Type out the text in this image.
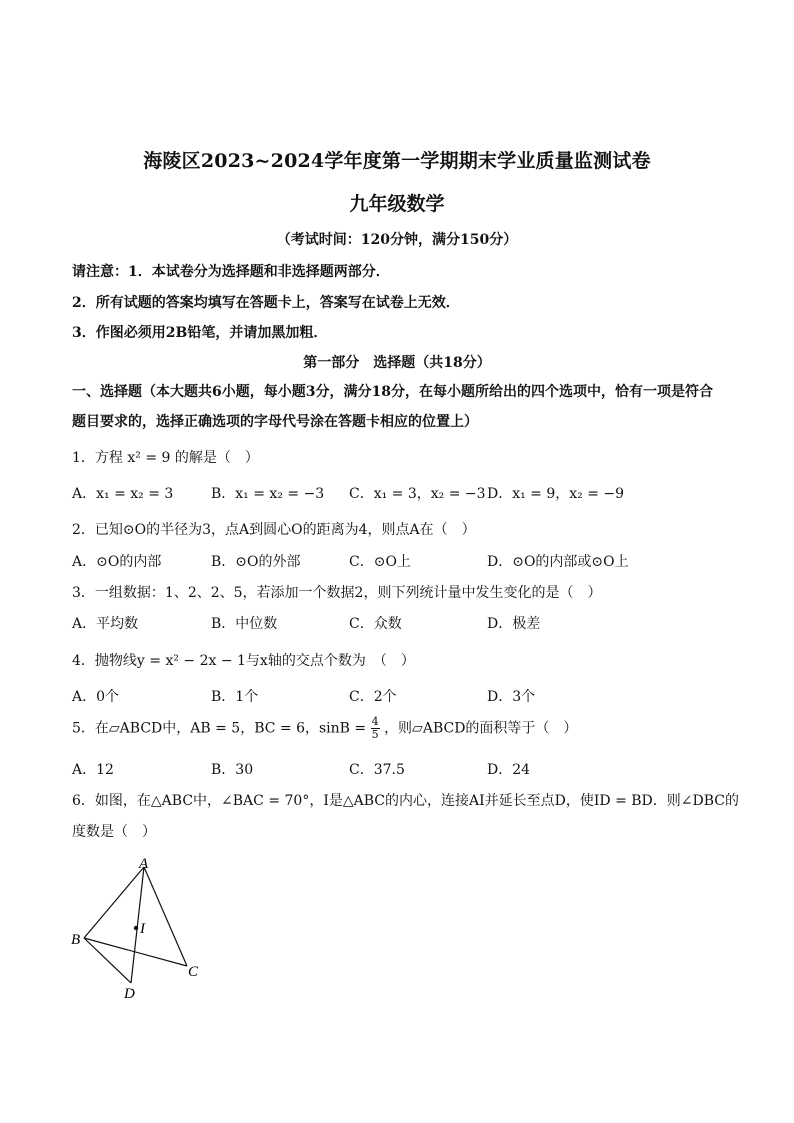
海陵区2023~2024学年度第一学期期末学业质量监测试卷
九年级数学
（考试时间：120分钟，满分150分）
请注意：1．本试卷分为选择题和非选择题两部分．
2．所有试题的答案均填写在答题卡上，答案写在试卷上无效．
3．作图必须用2B铅笔，并请加黑加粗．
第一部分　选择题（共18分）
一、选择题（本大题共6小题，每小题3分，满分18分，在每小题所给出的四个选项中，恰有一项是符合题目要求的，选择正确选项的字母代号涂在答题卡相应的位置上）
1．方程 x² = 9 的解是（　）
A．x₁ = x₂ = 3	B．x₁ = x₂ = −3 C．x₁ = 3，x₂ = −3 D．x₁ = 9，x₂ = −9
2．已知⊙O的半径为3，点A到圆心O的距离为4，则点A在（　）
A．⊙O的内部	B．⊙O的外部	C．⊙O上	D．⊙O的内部或⊙O上
3．一组数据：1、2、2、5，若添加一个数据2，则下列统计量中发生变化的是（　）
A．平均数	B．中位数	C．众数	D．极差
4．抛物线y = x² − 2x − 1与x轴的交点个数为　（　）
A．0个	B．1个	C．2个	D．3个
5．在▱ABCD中，AB = 5，BC = 6，$\sin B = \frac{4}{5}$ ，则▱ABCD的面积等于（　）
A．12	B．30	C．37.5	D．24
6．如图，在△ABC中，∠BAC = 70°，I是△ABC的内心，连接AI并延长至点D，使ID = BD．则∠DBC的
度数是（　）
A
B
C
D
I
